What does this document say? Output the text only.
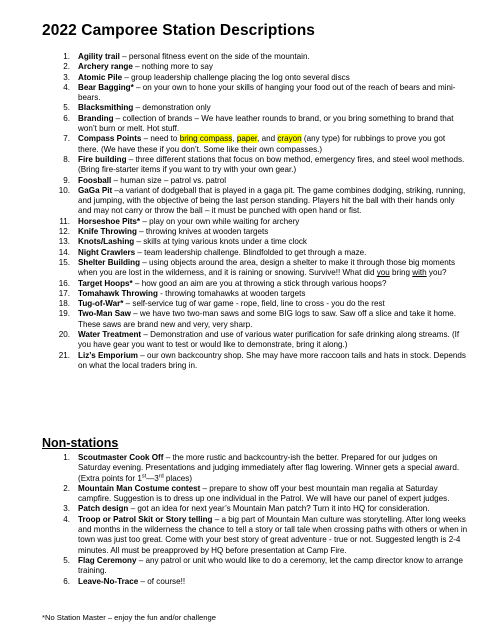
2022 Camporee Station Descriptions
1. Agility trail – personal fitness event on the side of the mountain.
2. Archery range – nothing more to say
3. Atomic Pile – group leadership challenge placing the log onto several discs
4. Bear Bagging* – on your own to hone your skills of hanging your food out of the reach of bears and mini-bears.
5. Blacksmithing – demonstration only
6. Branding – collection of brands – We have leather rounds to brand, or you bring something to brand that won’t burn or melt. Hot stuff.
7. Compass Points – need to bring compass, paper, and crayon (any type) for rubbings to prove you got there. (We have these if you don’t. Some like their own compasses.)
8. Fire building – three different stations that focus on bow method, emergency fires, and steel wool methods. (Bring fire-starter items if you want to try with your own gear.)
9. Foosball – human size – patrol vs. patrol
10. GaGa Pit –a variant of dodgeball that is played in a gaga pit. The game combines dodging, striking, running, and jumping, with the objective of being the last person standing. Players hit the ball with their hands only and may not carry or throw the ball – it must be punched with open hand or fist.
11. Horseshoe Pits* – play on your own while waiting for archery
12. Knife Throwing – throwing knives at wooden targets
13. Knots/Lashing – skills at tying various knots under a time clock
14. Night Crawlers – team leadership challenge. Blindfolded to get through a maze.
15. Shelter Building – using objects around the area, design a shelter to make it through those big moments when you are lost in the wilderness, and it is raining or snowing. Survive!! What did you bring with you?
16. Target Hoops* – how good an aim are you at throwing a stick through various hoops?
17. Tomahawk Throwing - throwing tomahawks at wooden targets
18. Tug-of-War* – self-service tug of war game - rope, field, line to cross - you do the rest
19. Two-Man Saw – we have two two-man saws and some BIG logs to saw. Saw off a slice and take it home. These saws are brand new and very, very sharp.
20. Water Treatment – Demonstration and use of various water purification for safe drinking along streams. (If you have gear you want to test or would like to demonstrate, bring it along.)
21. Liz’s Emporium – our own backcountry shop. She may have more raccoon tails and hats in stock. Depends on what the local traders bring in.
Non-stations
1. Scoutmaster Cook Off – the more rustic and backcountry-ish the better. Prepared for our judges on Saturday evening. Presentations and judging immediately after flag lowering. Winner gets a special award. (Extra points for 1st—3rd places)
2. Mountain Man Costume contest – prepare to show off your best mountain man regalia at Saturday campfire. Suggestion is to dress up one individual in the Patrol. We will have our panel of expert judges.
3. Patch design – got an idea for next year’s Mountain Man patch? Turn it into HQ for consideration.
4. Troop or Patrol Skit or Story telling – a big part of Mountain Man culture was storytelling. After long weeks and months in the wilderness the chance to tell a story or tall tale when crossing paths with others or when in town was just too great. Come with your best story of great adventure - true or not. Suggested length is 2-4 minutes. All must be preapproved by HQ before presentation at Camp Fire.
5. Flag Ceremony – any patrol or unit who would like to do a ceremony, let the camp director know to arrange training.
6. Leave-No-Trace – of course!!
*No Station Master – enjoy the fun and/or challenge
